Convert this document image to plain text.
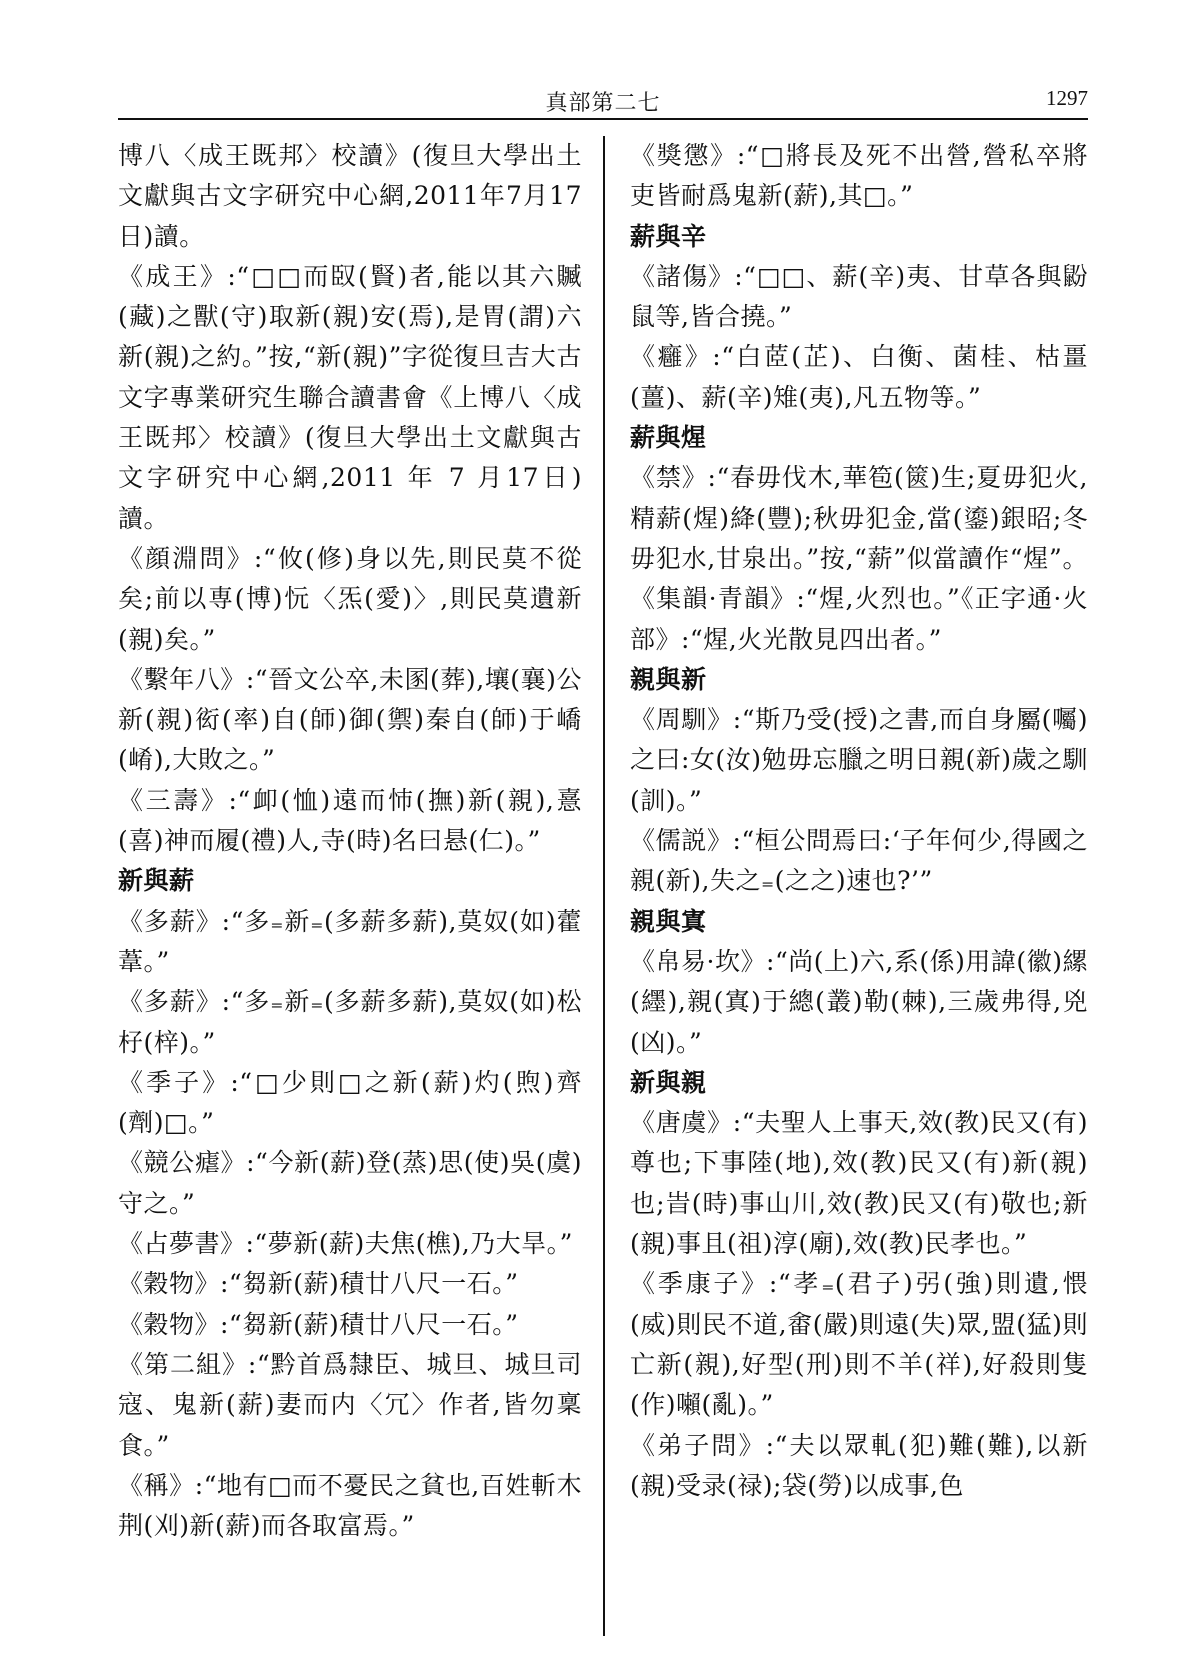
真部第二七	1297

博八〈成王既邦〉校讀》(復旦大學出土文獻與古文字研究中心網,2011年7月17日)讀。

《成王》:“□□而臤(賢)者,能以其六贓(藏)之獸(守)取新(親)安(焉),是胃(謂)六新(親)之約。”按,“新(親)”字從復旦吉大古文字專業研究生聯合讀書會《上博八〈成王既邦〉校讀》(復旦大學出土文獻與古文字研究中心網,2011 年 7 月17日)讀。

《顔淵問》:“攸(修)身以先,則民莫不從矣;前以専(博)忨〈炁(愛)〉,則民莫遺新(親)矣。”

《繫年八》:“晉文公卒,未圂(葬),壤(襄)公新(親)衒(率)自(師)御(禦)秦自(師)于嶠(崤),大敗之。”

《三壽》:“卹(恤)遠而㤄(撫)新(親),憙(喜)神而履(禮)人,寺(時)名曰悬(仁)。”

新與薪

《多薪》:“多₌新₌(多薪多薪),莫奴(如)藿葦。”

《多薪》:“多₌新₌(多薪多薪),莫奴(如)松杍(梓)。”

《季子》:“□少則□之新(薪)灼(煦)齊(劑)□。”

《競公瘧》:“今新(薪)登(蒸)思(使)吳(虞)守之。”

《占夢書》:“夢新(薪)夫焦(樵),乃大旱。”

《穀物》:“芻新(薪)積廿八尺一石。”

《穀物》:“芻新(薪)積廿八尺一石。”

《第二組》:“黔首爲隸臣、城旦、城旦司寇、鬼新(薪)妻而内〈冗〉作者,皆勿稟食。”

《稱》:“地有□而不憂民之貧也,百姓斬木荆(刈)新(薪)而各取富焉。”

《獎懲》:“□將長及死不出營,營私卒將吏皆耐爲鬼新(薪),其□。”

薪與辛

《諸傷》:“□□、薪(辛)夷、甘草各與鼢鼠等,皆合撓。”

《癰》:“白茝(芷)、白衡、菌桂、枯畺(薑)、薪(辛)雉(夷),凡五物等。”

薪與煋

《禁》:“春毋伐木,華笣(篋)生;夏毋犯火,精薪(煋)絳(豐);秋毋犯金,當(鎏)銀昭;冬毋犯水,甘泉出。”按,“薪”似當讀作“煋”。《集韻·青韻》:“煋,火烈也。”《正字通·火部》:“煋,火光散見四出者。”

親與新

《周馴》:“斯乃受(授)之書,而自身屬(囑)之曰:女(汝)勉毋忘臘之明日親(新)歲之馴(訓)。”

《儒説》:“桓公問焉曰:‘子年何少,得國之親(新),失之₌(之之)速也?’”

親與寘

《帛易·坎》:“尚(上)六,系(係)用諱(徽)縲(纆),親(寘)于總(叢)勒(棘),三歲弗得,兇(凶)。”

新與親

《唐虞》:“夫聖人上事天,效(教)民又(有)尊也;下事陸(地),效(教)民又(有)新(親)也;旹(時)事山川,效(教)民又(有)敬也;新(親)事且(祖)淳(廟),效(教)民孝也。”

《季康子》:“孝₌(君子)弜(強)則遺,愄(威)則民不道,畬(嚴)則遠(失)眾,盟(猛)則亡新(親),好型(刑)則不羊(祥),好殺則隻(作)𡃤(亂)。”

《弟子問》:“夫以眾軋(犯)難(難),以新(親)受录(禄);袋(勞)以成事,色
